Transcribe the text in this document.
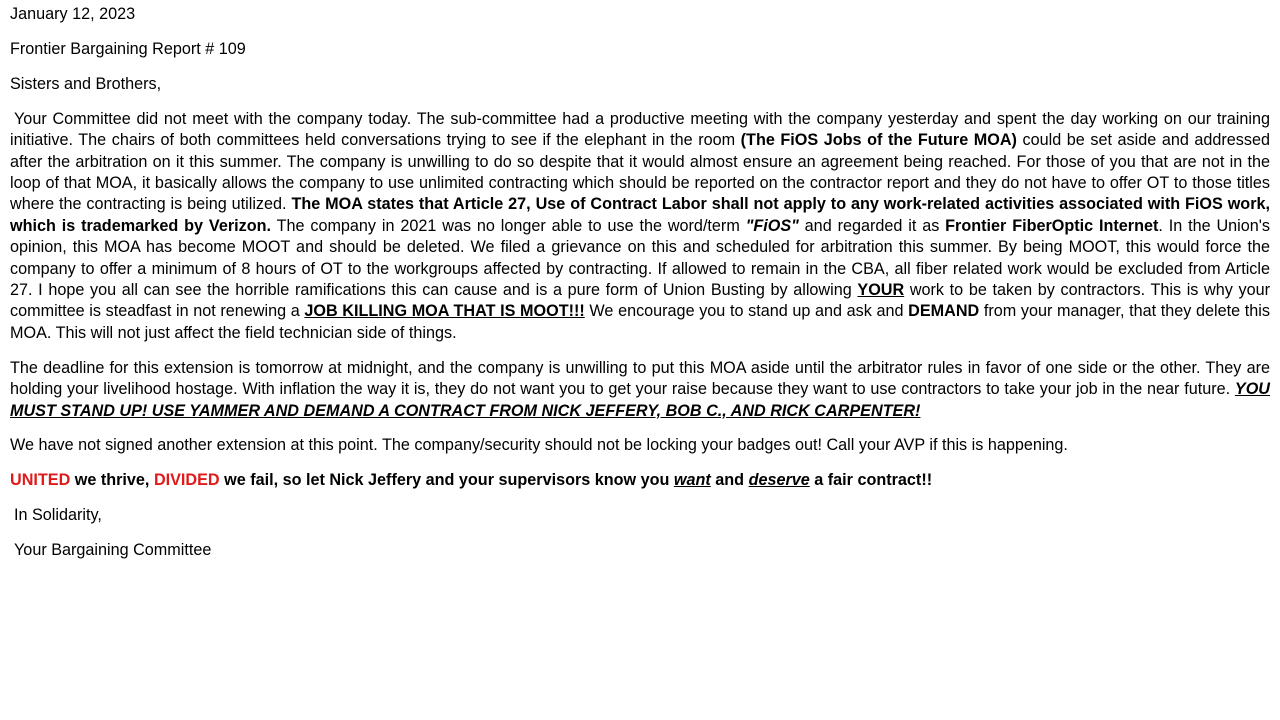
January 12, 2023

Frontier Bargaining Report # 109

Sisters and Brothers,

Your Committee did not meet with the company today. The sub-committee had a productive meeting with the company yesterday and spent the day working on our training initiative. The chairs of both committees held conversations trying to see if the elephant in the room (The FiOS Jobs of the Future MOA) could be set aside and addressed after the arbitration on it this summer. The company is unwilling to do so despite that it would almost ensure an agreement being reached. For those of you that are not in the loop of that MOA, it basically allows the company to use unlimited contracting which should be reported on the contractor report and they do not have to offer OT to those titles where the contracting is being utilized. The MOA states that Article 27, Use of Contract Labor shall not apply to any work-related activities associated with FiOS work, which is trademarked by Verizon. The company in 2021 was no longer able to use the word/term "FiOS" and regarded it as Frontier FiberOptic Internet. In the Union's opinion, this MOA has become MOOT and should be deleted. We filed a grievance on this and scheduled for arbitration this summer. By being MOOT, this would force the company to offer a minimum of 8 hours of OT to the workgroups affected by contracting. If allowed to remain in the CBA, all fiber related work would be excluded from Article 27. I hope you all can see the horrible ramifications this can cause and is a pure form of Union Busting by allowing YOUR work to be taken by contractors. This is why your committee is steadfast in not renewing a JOB KILLING MOA THAT IS MOOT!!! We encourage you to stand up and ask and DEMAND from your manager, that they delete this MOA. This will not just affect the field technician side of things.

The deadline for this extension is tomorrow at midnight, and the company is unwilling to put this MOA aside until the arbitrator rules in favor of one side or the other. They are holding your livelihood hostage. With inflation the way it is, they do not want you to get your raise because they want to use contractors to take your job in the near future. YOU MUST STAND UP! USE YAMMER AND DEMAND A CONTRACT FROM NICK JEFFERY, BOB C., AND RICK CARPENTER!

We have not signed another extension at this point. The company/security should not be locking your badges out! Call your AVP if this is happening.

UNITED we thrive, DIVIDED we fail, so let Nick Jeffery and your supervisors know you want and deserve a fair contract!!

In Solidarity,

Your Bargaining Committee
